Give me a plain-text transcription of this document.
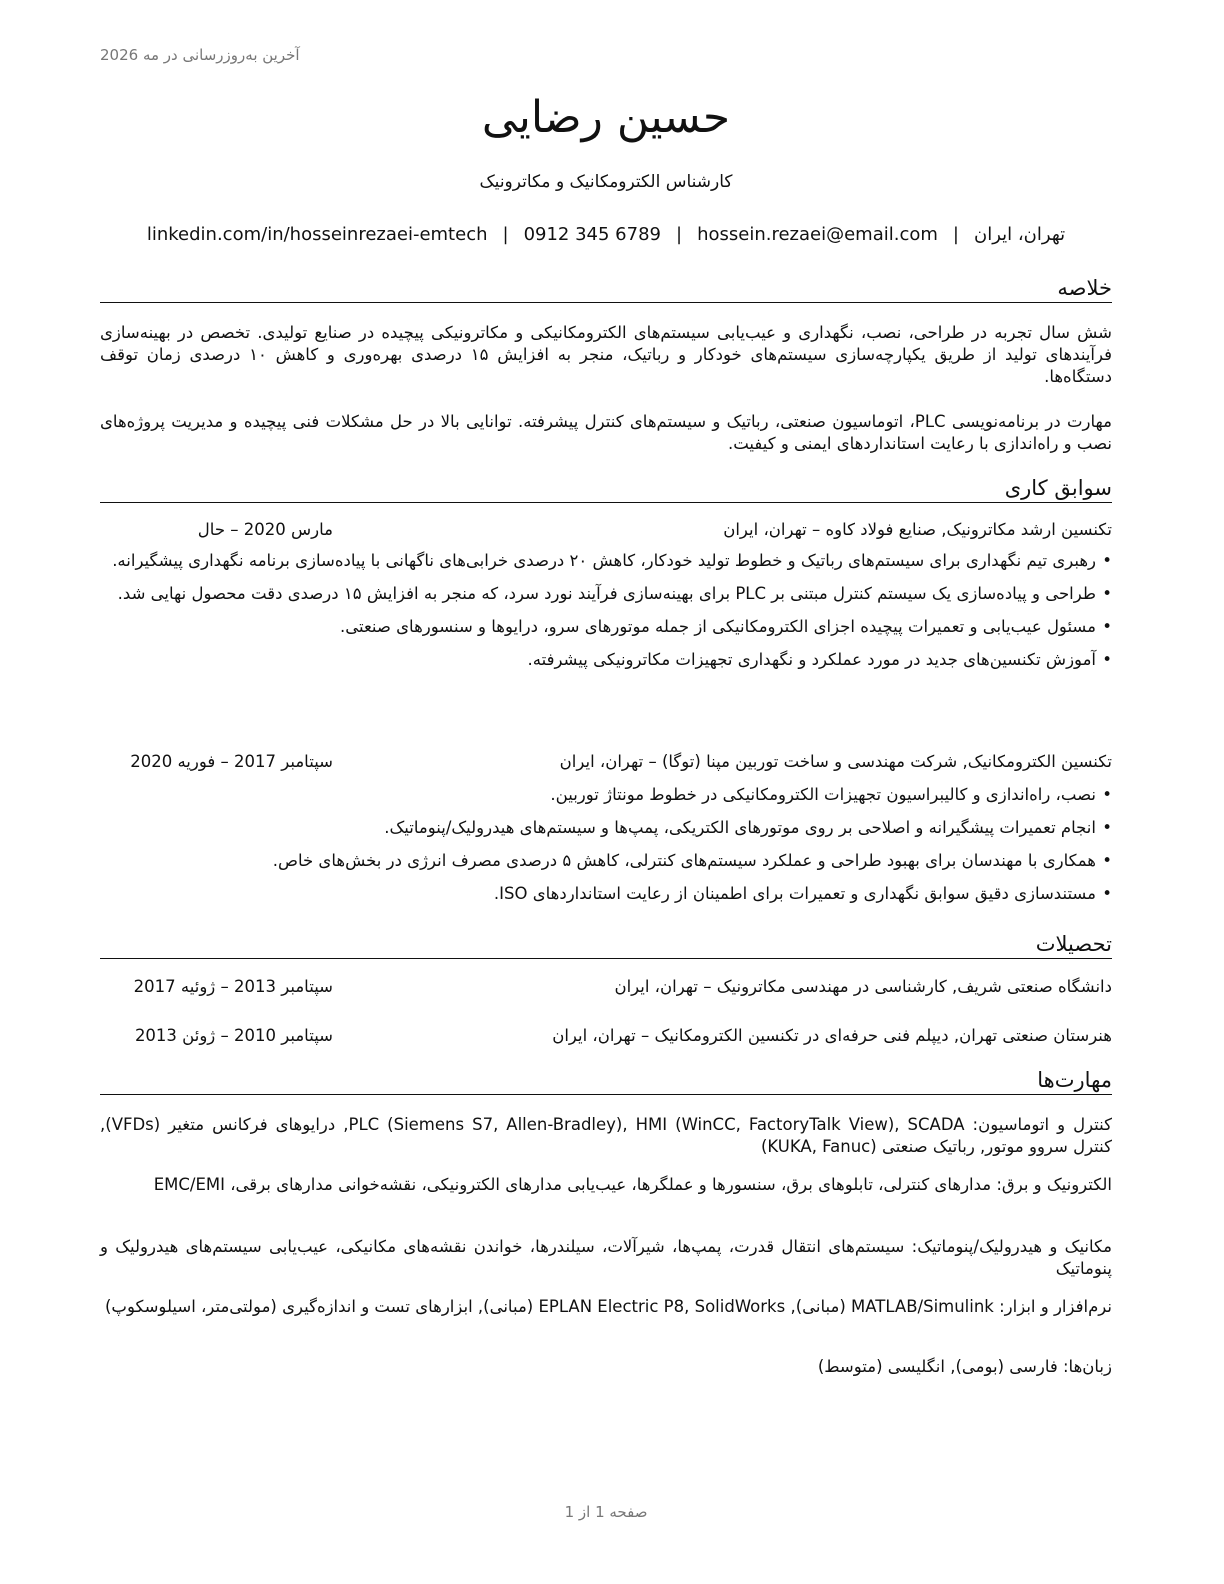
آخرین به‌روزرسانی در مه 2026
حسین رضایی
کارشناس الکترومکانیک و مکاترونیک
تهران، ایران|hossein.rezaei@email.com|0912 345 6789|linkedin.com/in/hosseinrezaei-emtech
خلاصه

شش سال تجربه در طراحی، نصب، نگهداری و عیب‌یابی سیستم‌های الکترومکانیکی و مکاترونیکی پیچیده در صنایع تولیدی. تخصص در بهینه‌سازی فرآیندهای تولید از طریق یکپارچه‌سازی سیستم‌های خودکار و رباتیک، منجر به افزایش ۱۵ درصدی بهره‌وری و کاهش ۱۰ درصدی زمان توقف دستگاه‌ها.

مهارت در برنامه‌نویسی PLC، اتوماسیون صنعتی، رباتیک و سیستم‌های کنترل پیشرفته. توانایی بالا در حل مشکلات فنی پیچیده و مدیریت پروژه‌های نصب و راه‌اندازی با رعایت استانداردهای ایمنی و کیفیت.

سوابق کاری
تکنسین ارشد مکاترونیک, صنایع فولاد کاوه – تهران، ایران
مارس 2020 – حال
• رهبری تیم نگهداری برای سیستم‌های رباتیک و خطوط تولید خودکار، کاهش ۲۰ درصدی خرابی‌های ناگهانی با پیاده‌سازی برنامه نگهداری پیشگیرانه.
• طراحی و پیاده‌سازی یک سیستم کنترل مبتنی بر PLC برای بهینه‌سازی فرآیند نورد سرد، که منجر به افزایش ۱۵ درصدی دقت محصول نهایی شد.
• مسئول عیب‌یابی و تعمیرات پیچیده اجزای الکترومکانیکی از جمله موتورهای سرو، درایوها و سنسورهای صنعتی.
• آموزش تکنسین‌های جدید در مورد عملکرد و نگهداری تجهیزات مکاترونیکی پیشرفته.
تکنسین الکترومکانیک, شرکت مهندسی و ساخت توربین مپنا (توگا) – تهران، ایران
سپتامبر 2017 – فوریه 2020
• نصب، راه‌اندازی و کالیبراسیون تجهیزات الکترومکانیکی در خطوط مونتاژ توربین.
• انجام تعمیرات پیشگیرانه و اصلاحی بر روی موتورهای الکتریکی، پمپ‌ها و سیستم‌های هیدرولیک/پنوماتیک.
• همکاری با مهندسان برای بهبود طراحی و عملکرد سیستم‌های کنترلی، کاهش ۵ درصدی مصرف انرژی در بخش‌های خاص.
• مستندسازی دقیق سوابق نگهداری و تعمیرات برای اطمینان از رعایت استانداردهای ISO.
تحصیلات
دانشگاه صنعتی شریف, کارشناسی در مهندسی مکاترونیک – تهران، ایران
سپتامبر 2013 – ژوئیه 2017
هنرستان صنعتی تهران, دیپلم فنی حرفه‌ای در تکنسین الکترومکانیک – تهران، ایران
سپتامبر 2010 – ژوئن 2013
مهارت‌ها

کنترل و اتوماسیون: PLC (Siemens S7, Allen-Bradley), HMI (WinCC, FactoryTalk View), SCADA, درایوهای فرکانس متغیر (VFDs), کنترل سروو موتور, رباتیک صنعتی (KUKA, Fanuc)

الکترونیک و برق: مدارهای کنترلی، تابلوهای برق، سنسورها و عملگرها، عیب‌یابی مدارهای الکترونیکی، نقشه‌خوانی مدارهای برقی، EMC/EMI

مکانیک و هیدرولیک/پنوماتیک: سیستم‌های انتقال قدرت، پمپ‌ها، شیرآلات، سیلندرها، خواندن نقشه‌های مکانیکی، عیب‌یابی سیستم‌های هیدرولیک و پنوماتیک

نرم‌افزار و ابزار: MATLAB/Simulink (مبانی), EPLAN Electric P8, SolidWorks (مبانی), ابزارهای تست و اندازه‌گیری (مولتی‌متر، اسیلوسکوپ)

زبان‌ها: فارسی (بومی), انگلیسی (متوسط)

صفحه 1 از 1
